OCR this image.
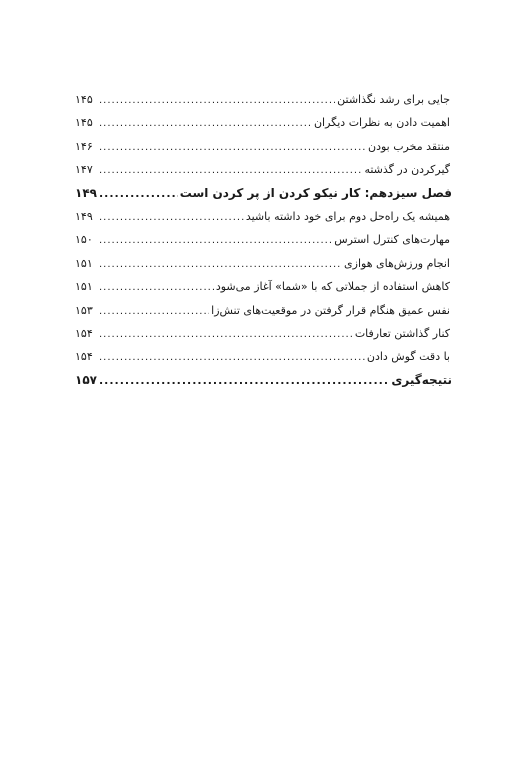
جایی برای رشد نگذاشتن
.....
۱۴۵
اهمیت دادن به نظرات دیگران
.....
۱۴۵
منتقد مخرب بودن
.....
۱۴۶
گیرکردن در گذشته
.....
۱۴۷
فصل سیزدهم: کار نیکو کردن از پر کردن است
.....
۱۴۹
همیشه یک راه‌حل دوم برای خود داشته باشید
.....
۱۴۹
مهارت‌های کنترل استرس
.....
۱۵۰
انجام ورزش‌های هوازی
.....
۱۵۱
کاهش استفاده از جملاتی که با «شما» آغاز می‌شود
.....
۱۵۱
نفس عمیق هنگام قرار گرفتن در موقعیت‌های تنش‌زا
.....
۱۵۳
کنار گذاشتن تعارفات
.....
۱۵۴
با دقت گوش دادن
.....
۱۵۴
نتیجه‌گیری
.....
۱۵۷
